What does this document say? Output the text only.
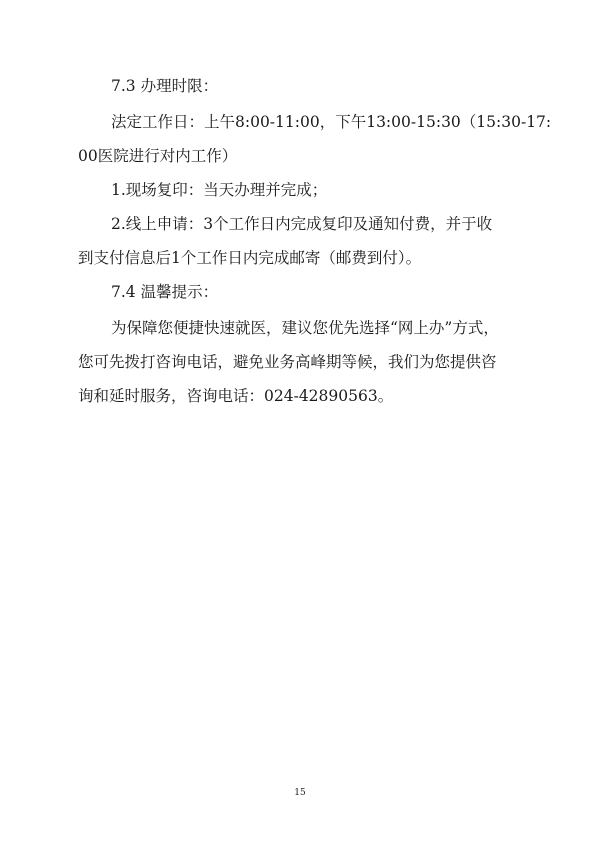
7.3 办理时限：
法定工作日：上午8:00-11:00，下午13:00-15:30（15:30-17:
00医院进行对内工作）
1.现场复印：当天办理并完成；
2.线上申请：3个工作日内完成复印及通知付费，并于收
到支付信息后1个工作日内完成邮寄（邮费到付）。
7.4 温馨提示：
为保障您便捷快速就医，建议您优先选择“网上办”方式，
您可先拨打咨询电话，避免业务高峰期等候，我们为您提供咨
询和延时服务，咨询电话：024-42890563。
15
